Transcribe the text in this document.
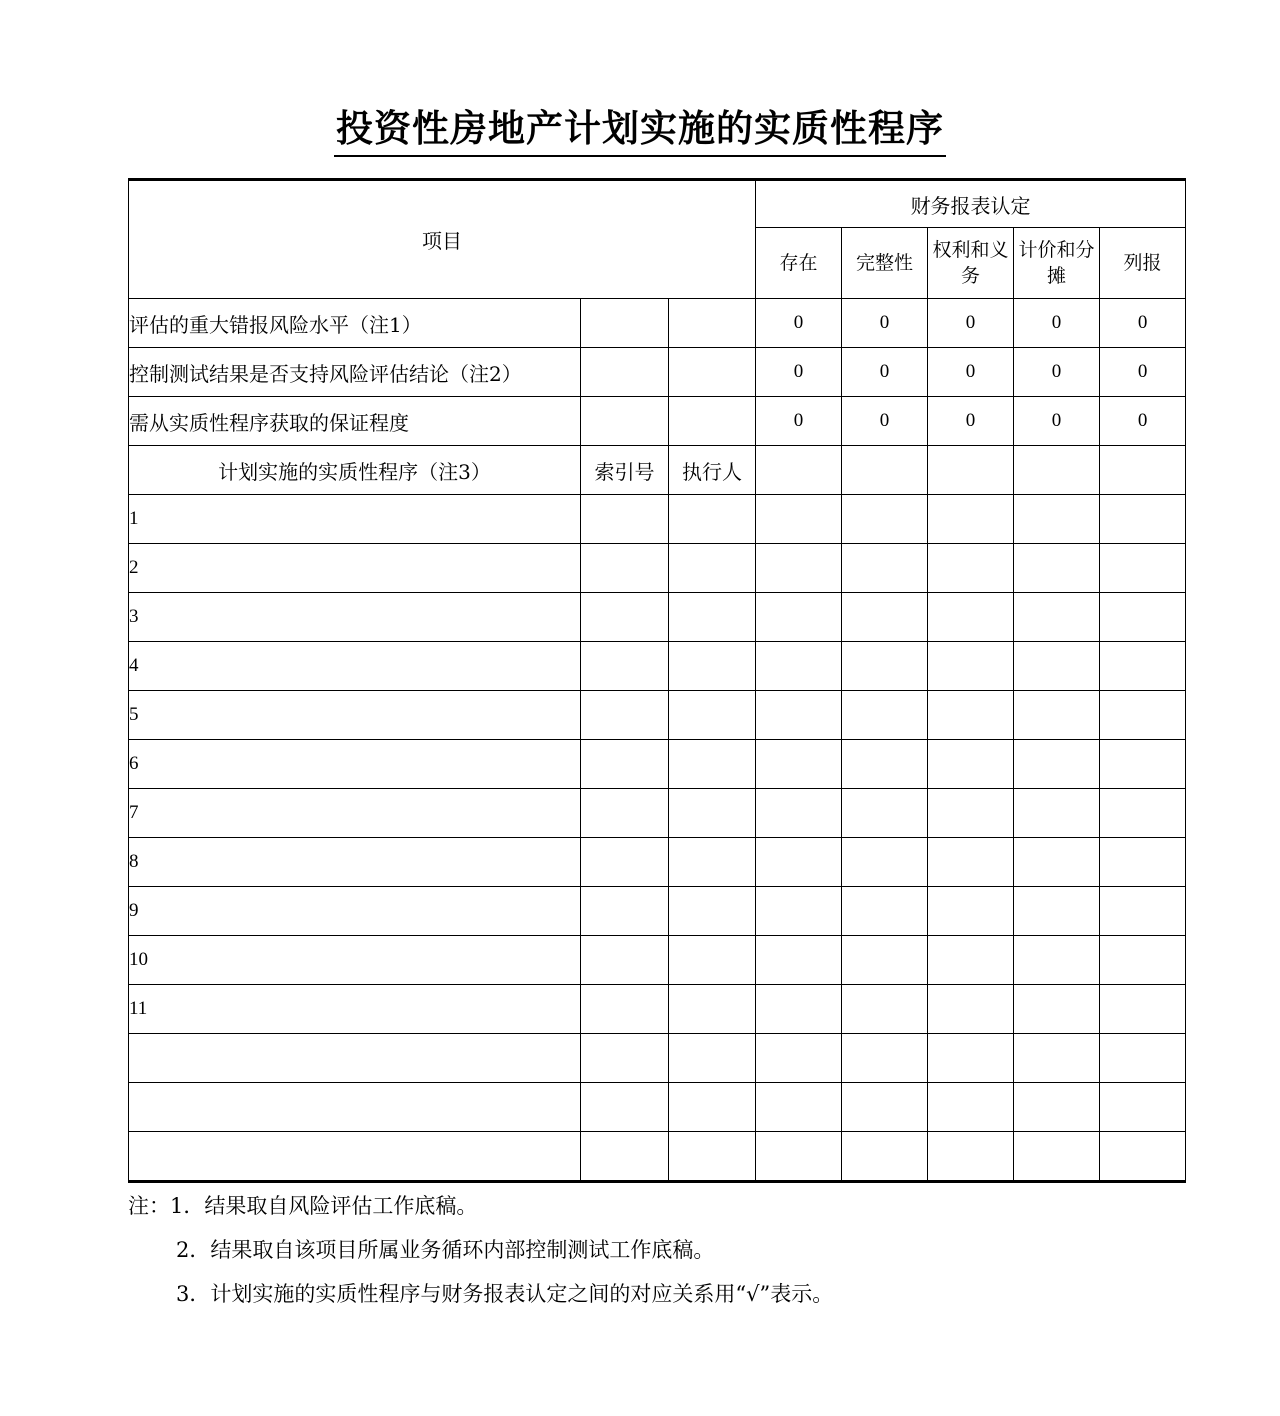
投资性房地产计划实施的实质性程序
项目			财务报表认定				
			存在	完整性	权利和义务	计价和分摊	列报
评估的重大错报风险水平（注1）			0	0	0	0	0
控制测试结果是否支持风险评估结论（注2）			0	0	0	0	0
需从实质性程序获取的保证程度			0	0	0	0	0
计划实施的实质性程序（注3）	索引号	执行人					
1							
2							
3							
4							
5							
6							
7							
8							
9							
10							
11							

注：1．结果取自风险评估工作底稿。
2．结果取自该项目所属业务循环内部控制测试工作底稿。
3．计划实施的实质性程序与财务报表认定之间的对应关系用“√”表示。
